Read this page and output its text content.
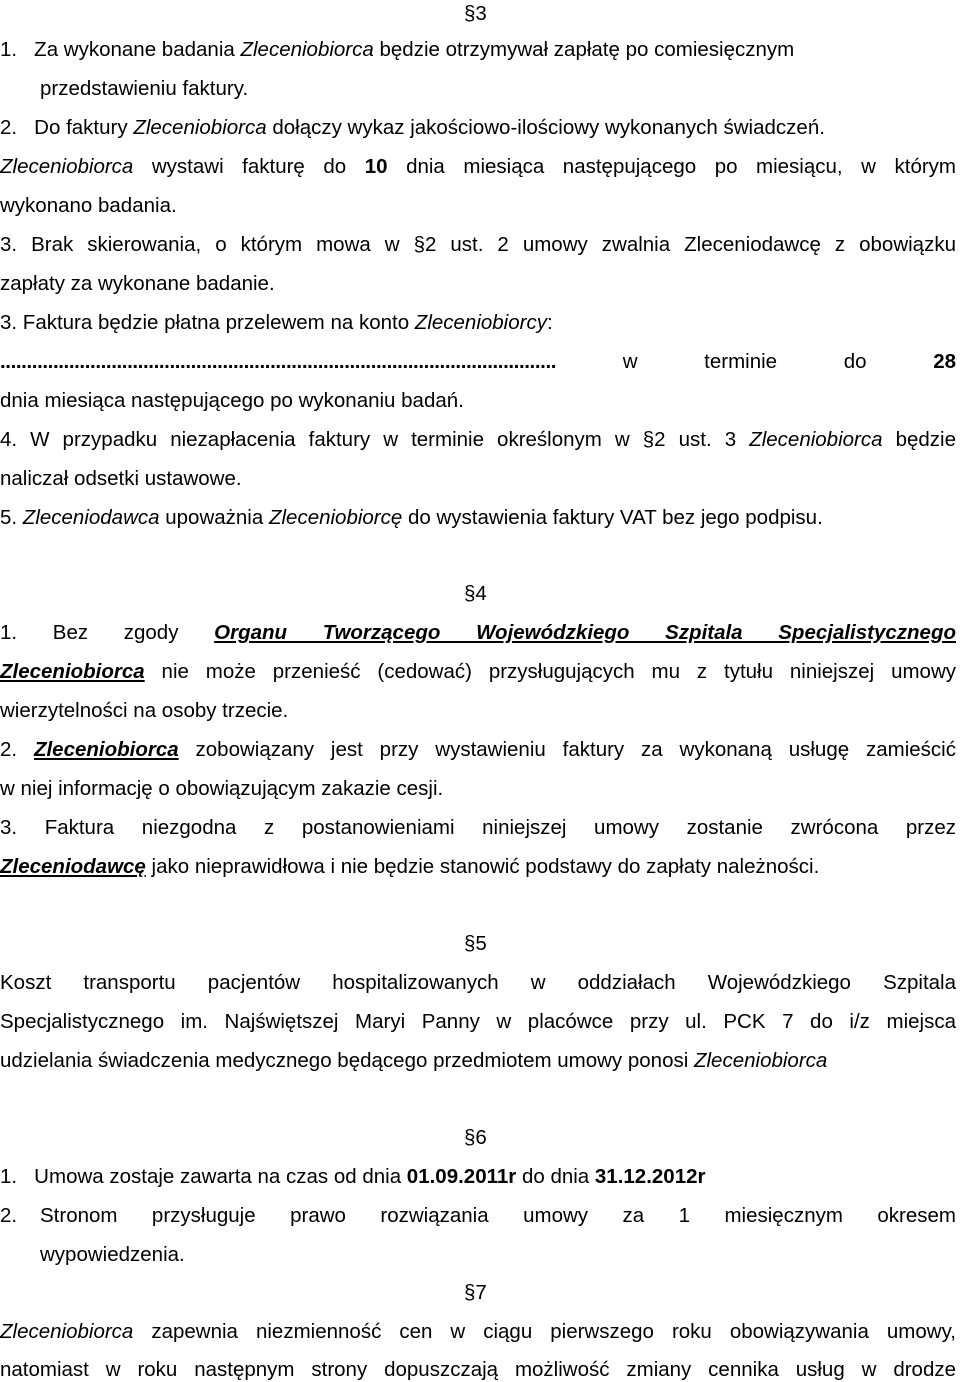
§3
1.   Za wykonane badania Zleceniobiorca będzie otrzymywał zapłatę po comiesięcznym
przedstawieniu faktury.
2.   Do faktury Zleceniobiorca dołączy wykaz jakościowo-ilościowy wykonanych świadczeń.
Zleceniobiorca wystawi fakturę do 10 dnia miesiąca następującego po miesiącu, w którym
wykonano badania.
3. Brak skierowania, o którym mowa w §2 ust. 2 umowy zwalnia Zleceniodawcę z obowiązku
zapłaty za wykonane badanie.
3. Faktura będzie płatna przelewem na konto Zleceniobiorcy:
......................................................................................................... w terminie do 28
dnia miesiąca następującego po wykonaniu badań.
4. W przypadku niezapłacenia faktury w terminie określonym w §2 ust. 3 Zleceniobiorca będzie
naliczał odsetki ustawowe.
5. Zleceniodawca upoważnia Zleceniobiorcę do wystawienia faktury VAT bez jego podpisu.
§4
1. Bez zgody Organu Tworzącego Wojewódzkiego Szpitala Specjalistycznego
Zleceniobiorca nie może przenieść (cedować) przysługujących mu z tytułu niniejszej umowy
wierzytelności na osoby trzecie.
2. Zleceniobiorca zobowiązany jest przy wystawieniu faktury za wykonaną usługę zamieścić
w niej informację o obowiązującym zakazie cesji.
3. Faktura niezgodna z postanowieniami niniejszej umowy zostanie zwrócona przez
Zleceniodawcę jako nieprawidłowa i nie będzie stanowić podstawy do zapłaty należności.
§5
Koszt transportu pacjentów hospitalizowanych w oddziałach Wojewódzkiego Szpitala
Specjalistycznego im. Najświętszej Maryi Panny w placówce przy ul. PCK 7 do i/z miejsca
udzielania świadczenia medycznego będącego przedmiotem umowy ponosi Zleceniobiorca
§6
1.   Umowa zostaje zawarta na czas od dnia 01.09.2011r do dnia 31.12.2012r
2.	Stronom przysługuje prawo rozwiązania umowy za 1 miesięcznym okresem
wypowiedzenia.
§7
Zleceniobiorca zapewnia niezmienność cen w ciągu pierwszego roku obowiązywania umowy,
natomiast w roku następnym strony dopuszczają możliwość zmiany cennika usług w drodze
